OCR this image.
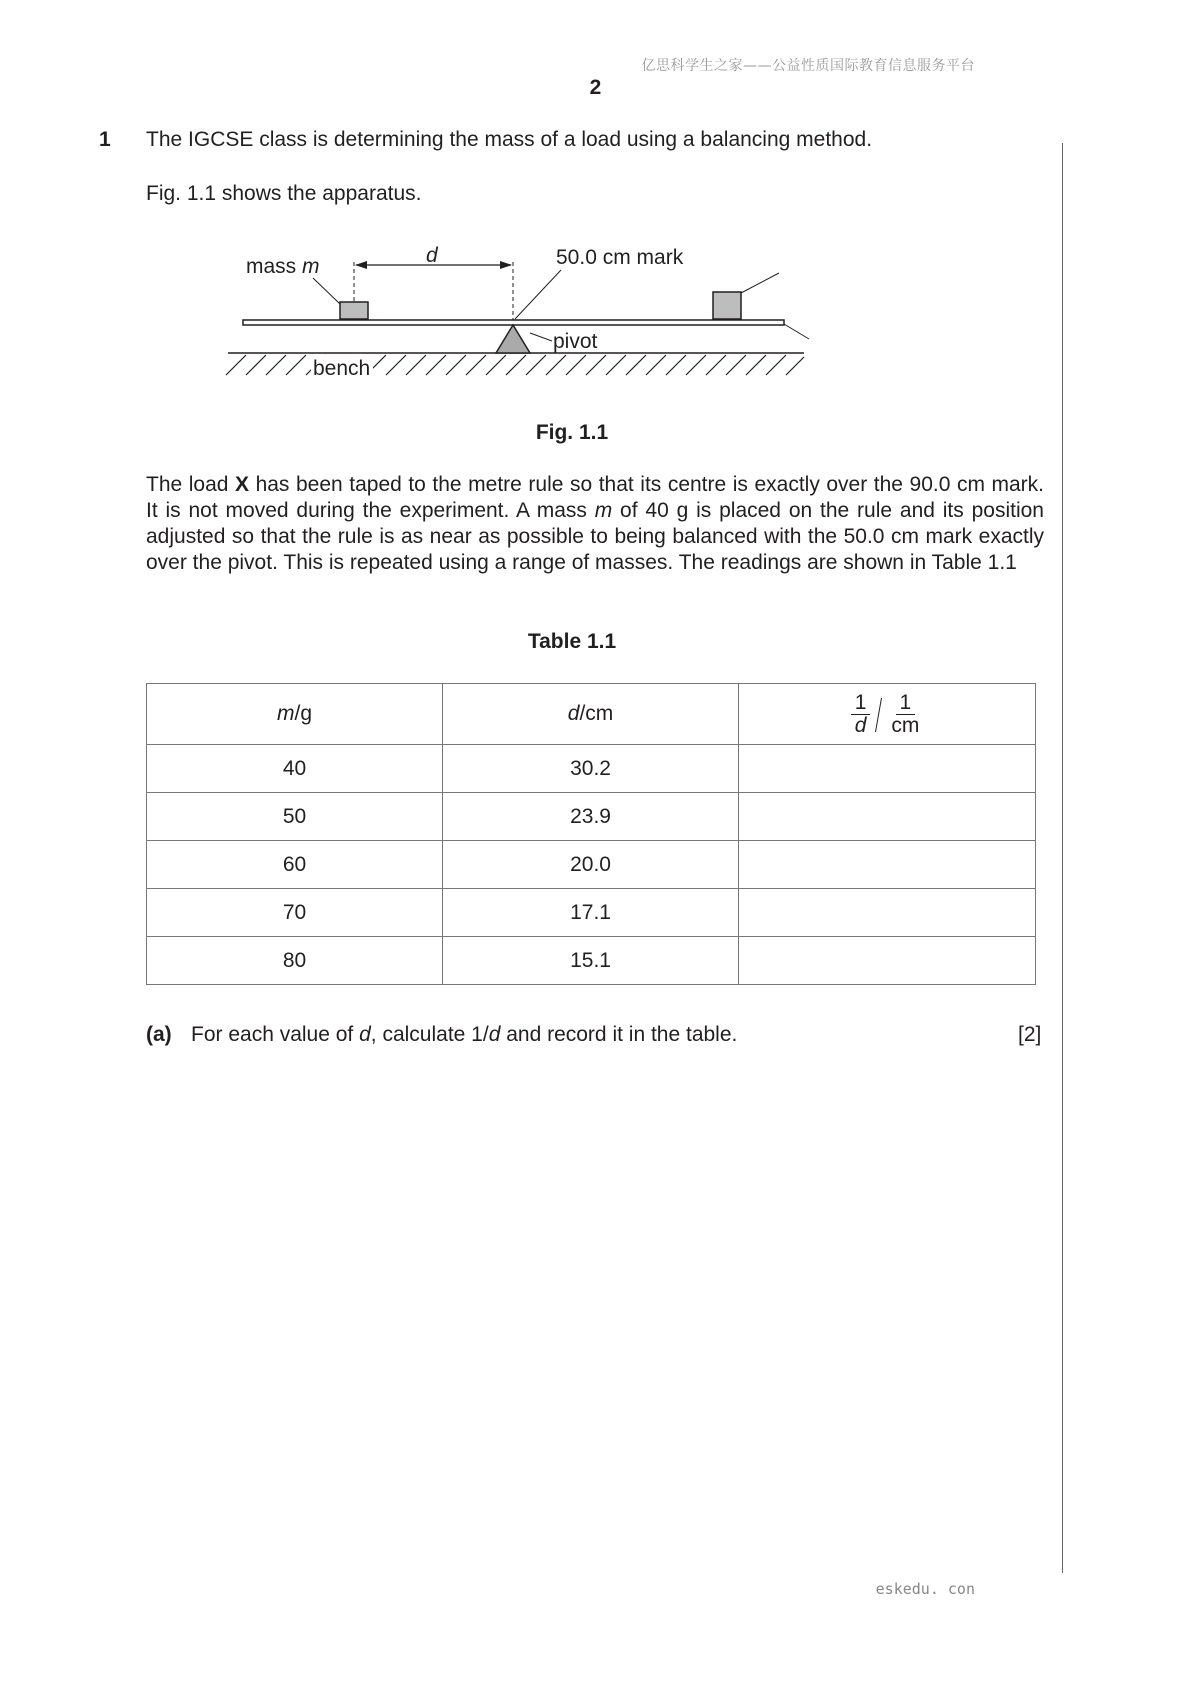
亿思科学生之家——公益性质国际教育信息服务平台
2
1 The IGCSE class is determining the mass of a load using a balancing method.
Fig. 1.1 shows the apparatus.
mass m	d	50.0 cm mark
pivot
bench
Fig. 1.1
The load X has been taped to the metre rule so that its centre is exactly over the 90.0 cm mark. It is not moved during the experiment. A mass m of 40 g is placed on the rule and its position adjusted so that the rule is as near as possible to being balanced with the 50.0 cm mark exactly over the pivot. This is repeated using a range of masses. The readings are shown in Table 1.1
Table 1.1
m/g	d/cm	$\frac{1}{d} \frac{1}{cm}$

40	30.2	
50	23.9	
60	20.0	
70	17.1	
80	15.1	
(a) For each value of d, calculate 1/d and record it in the table.	[2]
eskedu. con
